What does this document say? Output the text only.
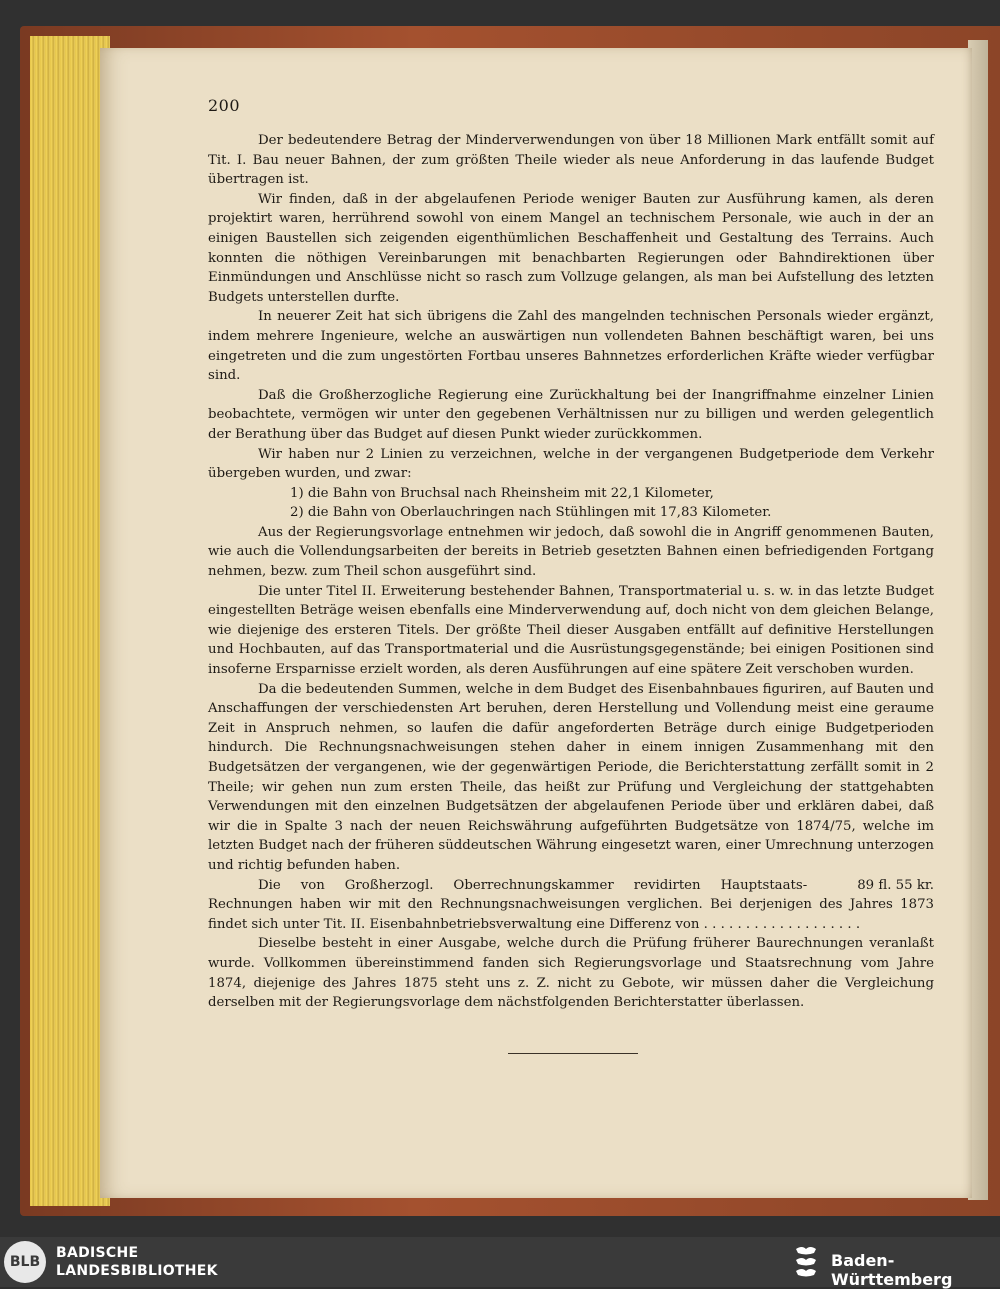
200

Der bedeutendere Betrag der Minderverwendungen von über 18 Millionen Mark entfällt somit auf Tit. I. Bau neuer Bahnen, der zum größten Theile wieder als neue Anforderung in das laufende Budget übertragen ist.

Wir finden, daß in der abgelaufenen Periode weniger Bauten zur Ausführung kamen, als deren projektirt waren, herrührend sowohl von einem Mangel an technischem Personale, wie auch in der an einigen Baustellen sich zeigenden eigenthümlichen Beschaffenheit und Gestaltung des Terrains. Auch konnten die nöthigen Vereinbarungen mit benachbarten Regierungen oder Bahndirektionen über Einmündungen und Anschlüsse nicht so rasch zum Vollzuge gelangen, als man bei Aufstellung des letzten Budgets unterstellen durfte.

In neuerer Zeit hat sich übrigens die Zahl des mangelnden technischen Personals wieder ergänzt, indem mehrere Ingenieure, welche an auswärtigen nun vollendeten Bahnen beschäftigt waren, bei uns eingetreten und die zum ungestörten Fortbau unseres Bahnnetzes erforderlichen Kräfte wieder verfügbar sind.

Daß die Großherzogliche Regierung eine Zurückhaltung bei der Inangriffnahme einzelner Linien beobachtete, vermögen wir unter den gegebenen Verhältnissen nur zu billigen und werden gelegentlich der Berathung über das Budget auf diesen Punkt wieder zurückkommen.

Wir haben nur 2 Linien zu verzeichnen, welche in der vergangenen Budgetperiode dem Verkehr übergeben wurden, und zwar:

1) die Bahn von Bruchsal nach Rheinsheim mit 22,1 Kilometer,

2) die Bahn von Oberlauchringen nach Stühlingen mit 17,83 Kilometer.

Aus der Regierungsvorlage entnehmen wir jedoch, daß sowohl die in Angriff genommenen Bauten, wie auch die Vollendungsarbeiten der bereits in Betrieb gesetzten Bahnen einen befriedigenden Fortgang nehmen, bezw. zum Theil schon ausgeführt sind.

Die unter Titel II. Erweiterung bestehender Bahnen, Transportmaterial u. s. w. in das letzte Budget eingestellten Beträge weisen ebenfalls eine Minderverwendung auf, doch nicht von dem gleichen Belange, wie diejenige des ersteren Titels. Der größte Theil dieser Ausgaben entfällt auf definitive Herstellungen und Hochbauten, auf das Transportmaterial und die Ausrüstungsgegenstände; bei einigen Positionen sind insoferne Ersparnisse erzielt worden, als deren Ausführungen auf eine spätere Zeit verschoben wurden.

Da die bedeutenden Summen, welche in dem Budget des Eisenbahnbaues figuriren, auf Bauten und Anschaffungen der verschiedensten Art beruhen, deren Herstellung und Vollendung meist eine geraume Zeit in Anspruch nehmen, so laufen die dafür angeforderten Beträge durch einige Budgetperioden hindurch. Die Rechnungsnachweisungen stehen daher in einem innigen Zusammenhang mit den Budgetsätzen der vergangenen, wie der gegenwärtigen Periode, die Berichterstattung zerfällt somit in 2 Theile; wir gehen nun zum ersten Theile, das heißt zur Prüfung und Vergleichung der stattgehabten Verwendungen mit den einzelnen Budgetsätzen der abgelaufenen Periode über und erklären dabei, daß wir die in Spalte 3 nach der neuen Reichswährung aufgeführten Budgetsätze von 1874/75, welche im letzten Budget nach der früheren süddeutschen Währung eingesetzt waren, einer Umrechnung unterzogen und richtig befunden haben.

89 fl. 55 kr.
Die von Großherzogl. Oberrechnungskammer revidirten Hauptstaats-Rechnungen haben wir mit den Rechnungsnachweisungen verglichen. Bei derjenigen des Jahres 1873 findet sich unter Tit. II. Eisenbahnbetriebsverwaltung eine Differenz von . . . . . . . . . . . . . . . . . . .

Dieselbe besteht in einer Ausgabe, welche durch die Prüfung früherer Baurechnungen veranlaßt wurde. Vollkommen übereinstimmend fanden sich Regierungsvorlage und Staatsrechnung vom Jahre 1874, diejenige des Jahres 1875 steht uns z. Z. nicht zu Gebote, wir müssen daher die Vergleichung derselben mit der Regierungsvorlage dem nächstfolgenden Berichterstatter überlassen.

BLB
BADISCHE
LANDESBIBLIOTHEK
Baden-Württemberg
